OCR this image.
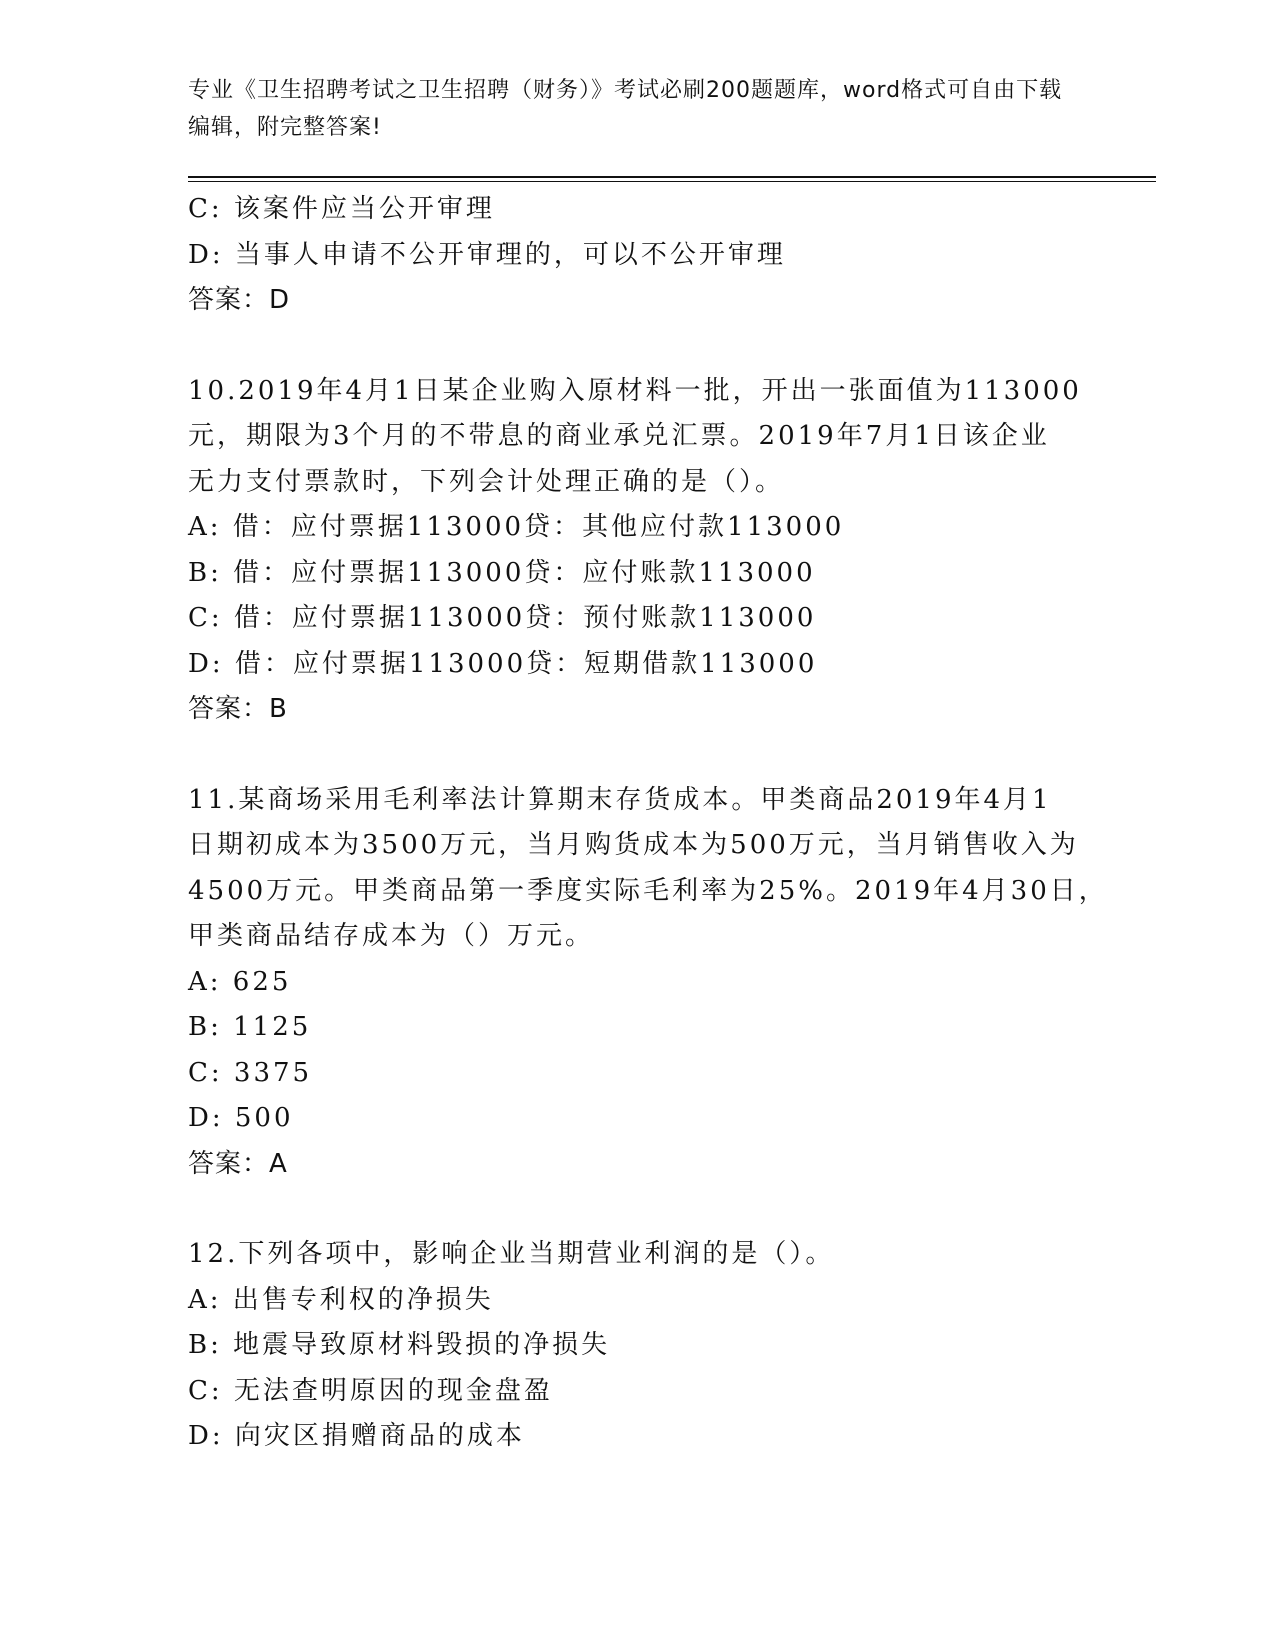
专业《卫生招聘考试之卫生招聘（财务）》考试必刷200题题库，word格式可自由下载编辑，附完整答案!
C: 该案件应当公开审理
D: 当事人申请不公开审理的，可以不公开审理
答案：D
10.2019年4月1日某企业购入原材料一批，开出一张面值为113000
元，期限为3个月的不带息的商业承兑汇票。2019年7月1日该企业
无力支付票款时，下列会计处理正确的是（）。
A: 借：应付票据113000贷：其他应付款113000
B: 借：应付票据113000贷：应付账款113000
C: 借：应付票据113000贷：预付账款113000
D: 借：应付票据113000贷：短期借款113000
答案：B
11.某商场采用毛利率法计算期末存货成本。甲类商品2019年4月1
日期初成本为3500万元，当月购货成本为500万元，当月销售收入为
4500万元。甲类商品第一季度实际毛利率为25%。2019年4月30日，
甲类商品结存成本为（）万元。
A: 625
B: 1125
C: 3375
D: 500
答案：A
12.下列各项中，影响企业当期营业利润的是（）。
A: 出售专利权的净损失
B: 地震导致原材料毁损的净损失
C: 无法查明原因的现金盘盈
D: 向灾区捐赠商品的成本
